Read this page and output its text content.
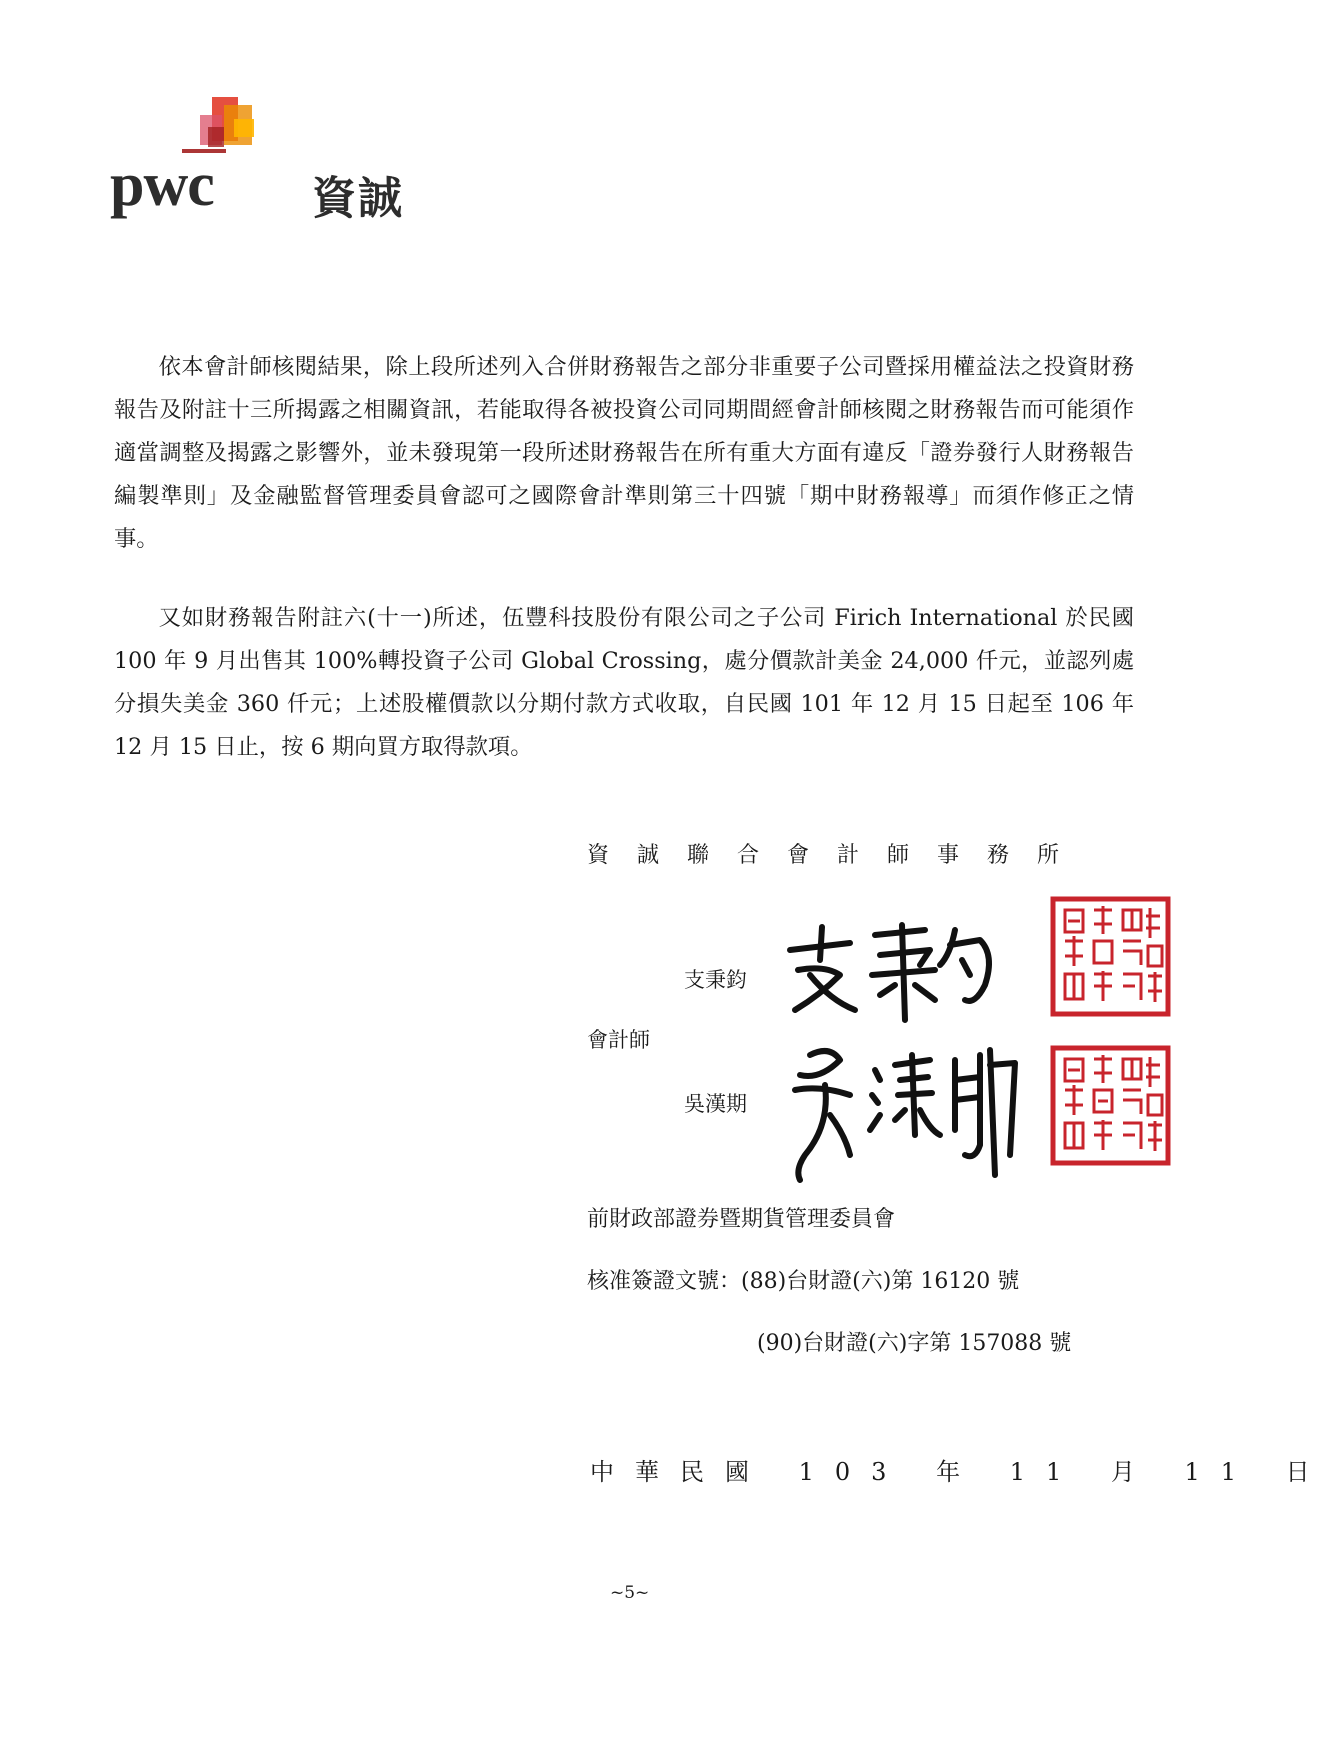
pwc 資誠

依本會計師核閱結果，除上段所述列入合併財務報告之部分非重要子公司暨採用權益法之投資財務報告及附註十三所揭露之相關資訊，若能取得各被投資公司同期間經會計師核閱之財務報告而可能須作適當調整及揭露之影響外，並未發現第一段所述財務報告在所有重大方面有違反「證券發行人財務報告編製準則」及金融監督管理委員會認可之國際會計準則第三十四號「期中財務報導」而須作修正之情事。

又如財務報告附註六(十一)所述，伍豐科技股份有限公司之子公司 Firich International 於民國 100 年 9 月出售其 100%轉投資子公司 Global Crossing，處分價款計美金 24,000 仟元，並認列處分損失美金 360 仟元；上述股權價款以分期付款方式收取，自民國 101 年 12 月 15 日起至 106 年 12 月 15 日止，按 6 期向買方取得款項。

資誠聯合會計師事務所
會計師
支秉鈞
吳漢期
前財政部證券暨期貨管理委員會
核准簽證文號：(88)台財證(六)第 16120 號
(90)台財證(六)字第 157088 號
中華民國 103 年 11 月 11 日
~5~
